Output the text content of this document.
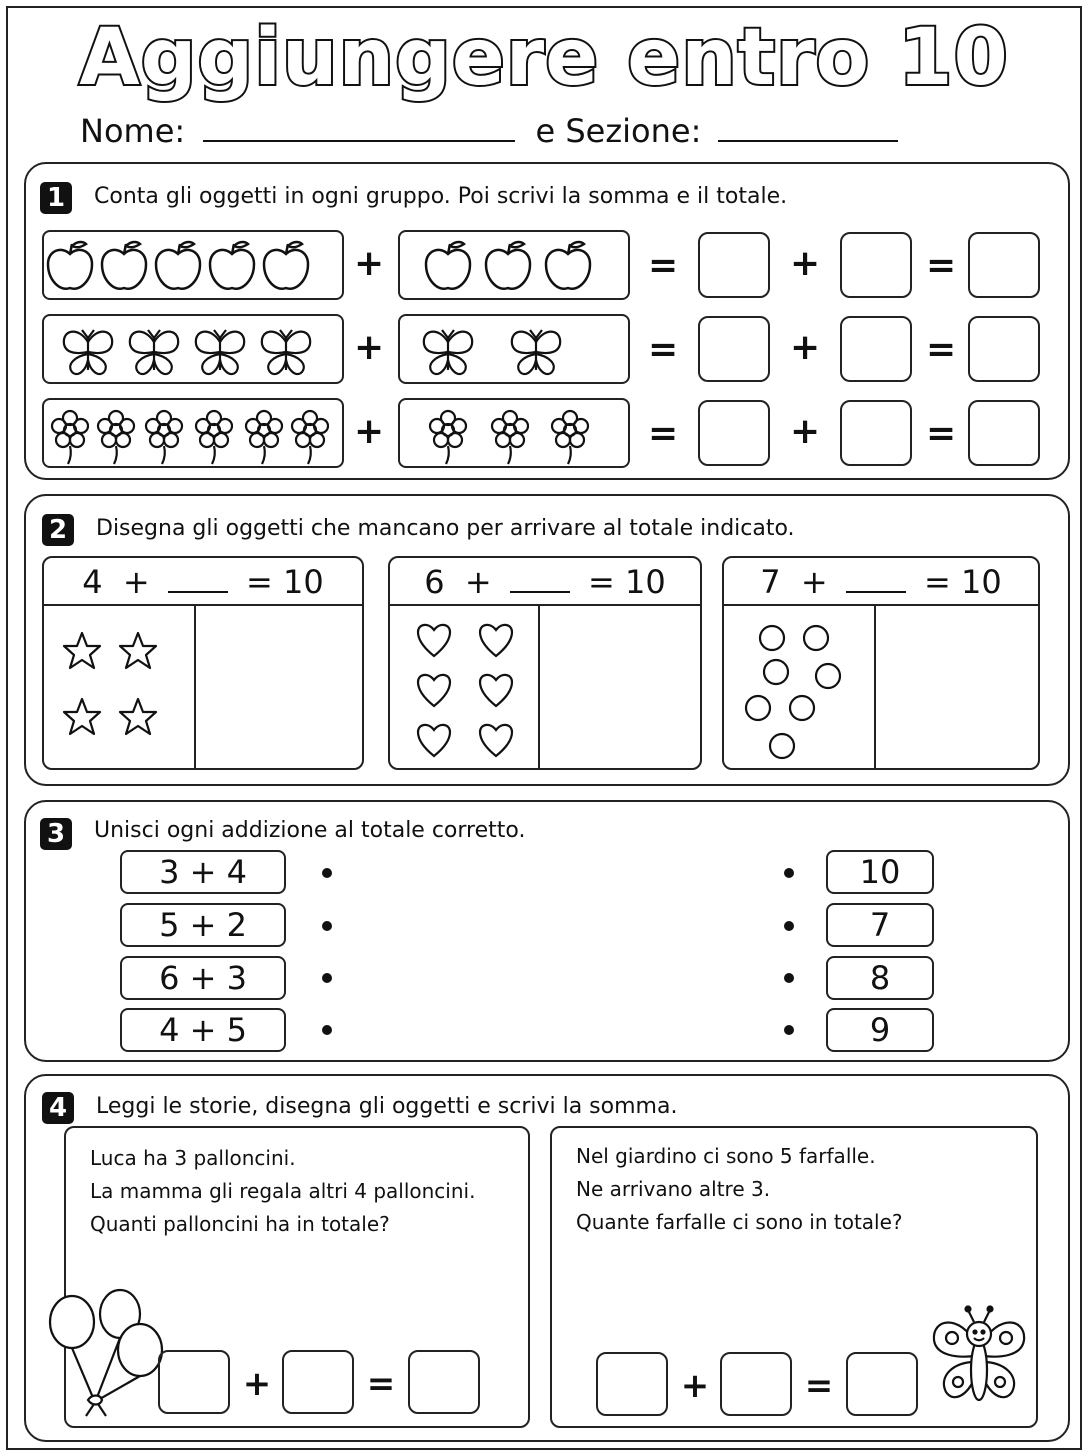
Aggiungere entro 10
Nome:	e Sezione:
1	Conta gli oggetti in ogni gruppo. Poi scrivi la somma e il totale.
+	=	+	=
+	=	+	=
+	=	+	=
2	Disegna gli oggetti che mancano per arrivare al totale indicato.
4 +	= 10	6 +	= 10	7 +	= 10
3	Unisci ogni addizione al totale corretto.
3 + 4
5 + 2
6 + 3
4 + 5
10
7
8
9
4	Leggi le storie, disegna gli oggetti e scrivi la somma.
Luca ha 3 palloncini.
La mamma gli regala altri 4 palloncini.
Quanti palloncini ha in totale?
+	=
Nel giardino ci sono 5 farfalle.
Ne arrivano altre 3.
Quante farfalle ci sono in totale?
+	=
